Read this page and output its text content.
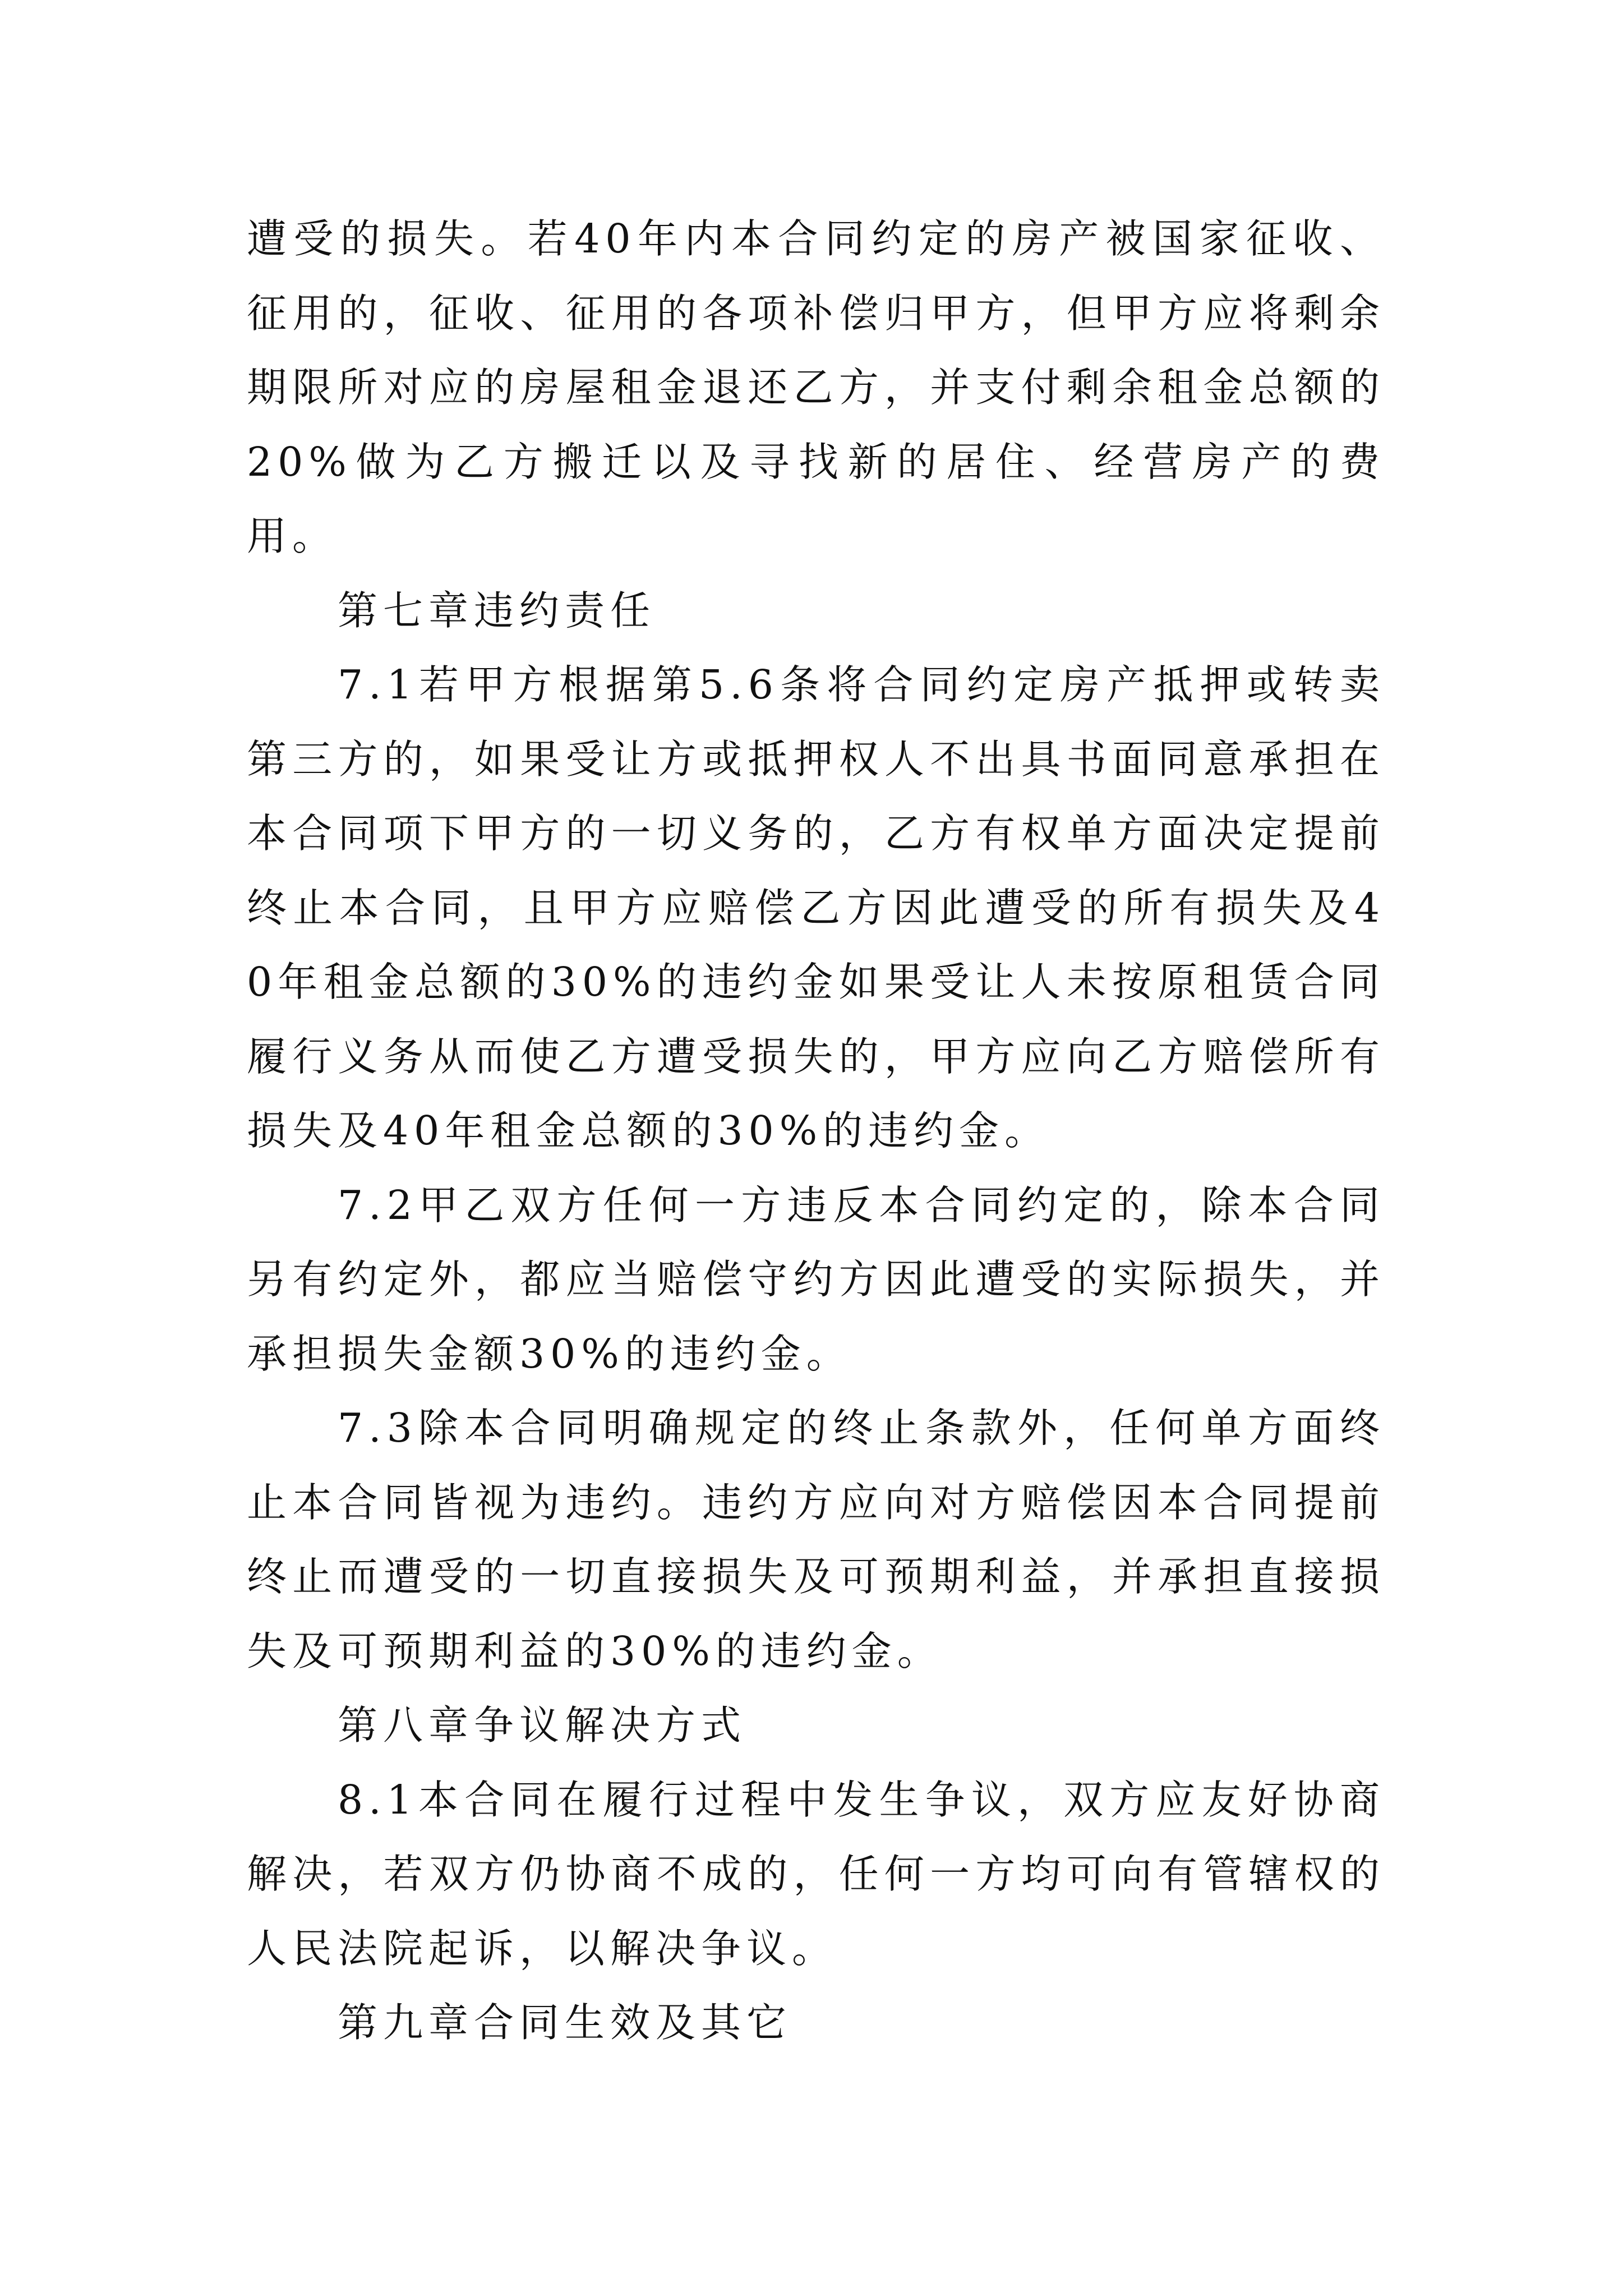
遭受的损失。若40年内本合同约定的房产被国家征收、征用的，征收、征用的各项补偿归甲方，但甲方应将剩余期限所对应的房屋租金退还乙方，并支付剩余租金总额的20%做为乙方搬迁以及寻找新的居住、经营房产的费用。

第七章违约责任

7.1若甲方根据第5.6条将合同约定房产抵押或转卖第三方的，如果受让方或抵押权人不出具书面同意承担在本合同项下甲方的一切义务的，乙方有权单方面决定提前终止本合同，且甲方应赔偿乙方因此遭受的所有损失及40年租金总额的30%的违约金如果受让人未按原租赁合同履行义务从而使乙方遭受损失的，甲方应向乙方赔偿所有损失及40年租金总额的30%的违约金。

7.2甲乙双方任何一方违反本合同约定的，除本合同另有约定外，都应当赔偿守约方因此遭受的实际损失，并承担损失金额30%的违约金。

7.3除本合同明确规定的终止条款外，任何单方面终止本合同皆视为违约。违约方应向对方赔偿因本合同提前终止而遭受的一切直接损失及可预期利益，并承担直接损失及可预期利益的30%的违约金。

第八章争议解决方式

8.1本合同在履行过程中发生争议，双方应友好协商解决，若双方仍协商不成的，任何一方均可向有管辖权的人民法院起诉，以解决争议。

第九章合同生效及其它
